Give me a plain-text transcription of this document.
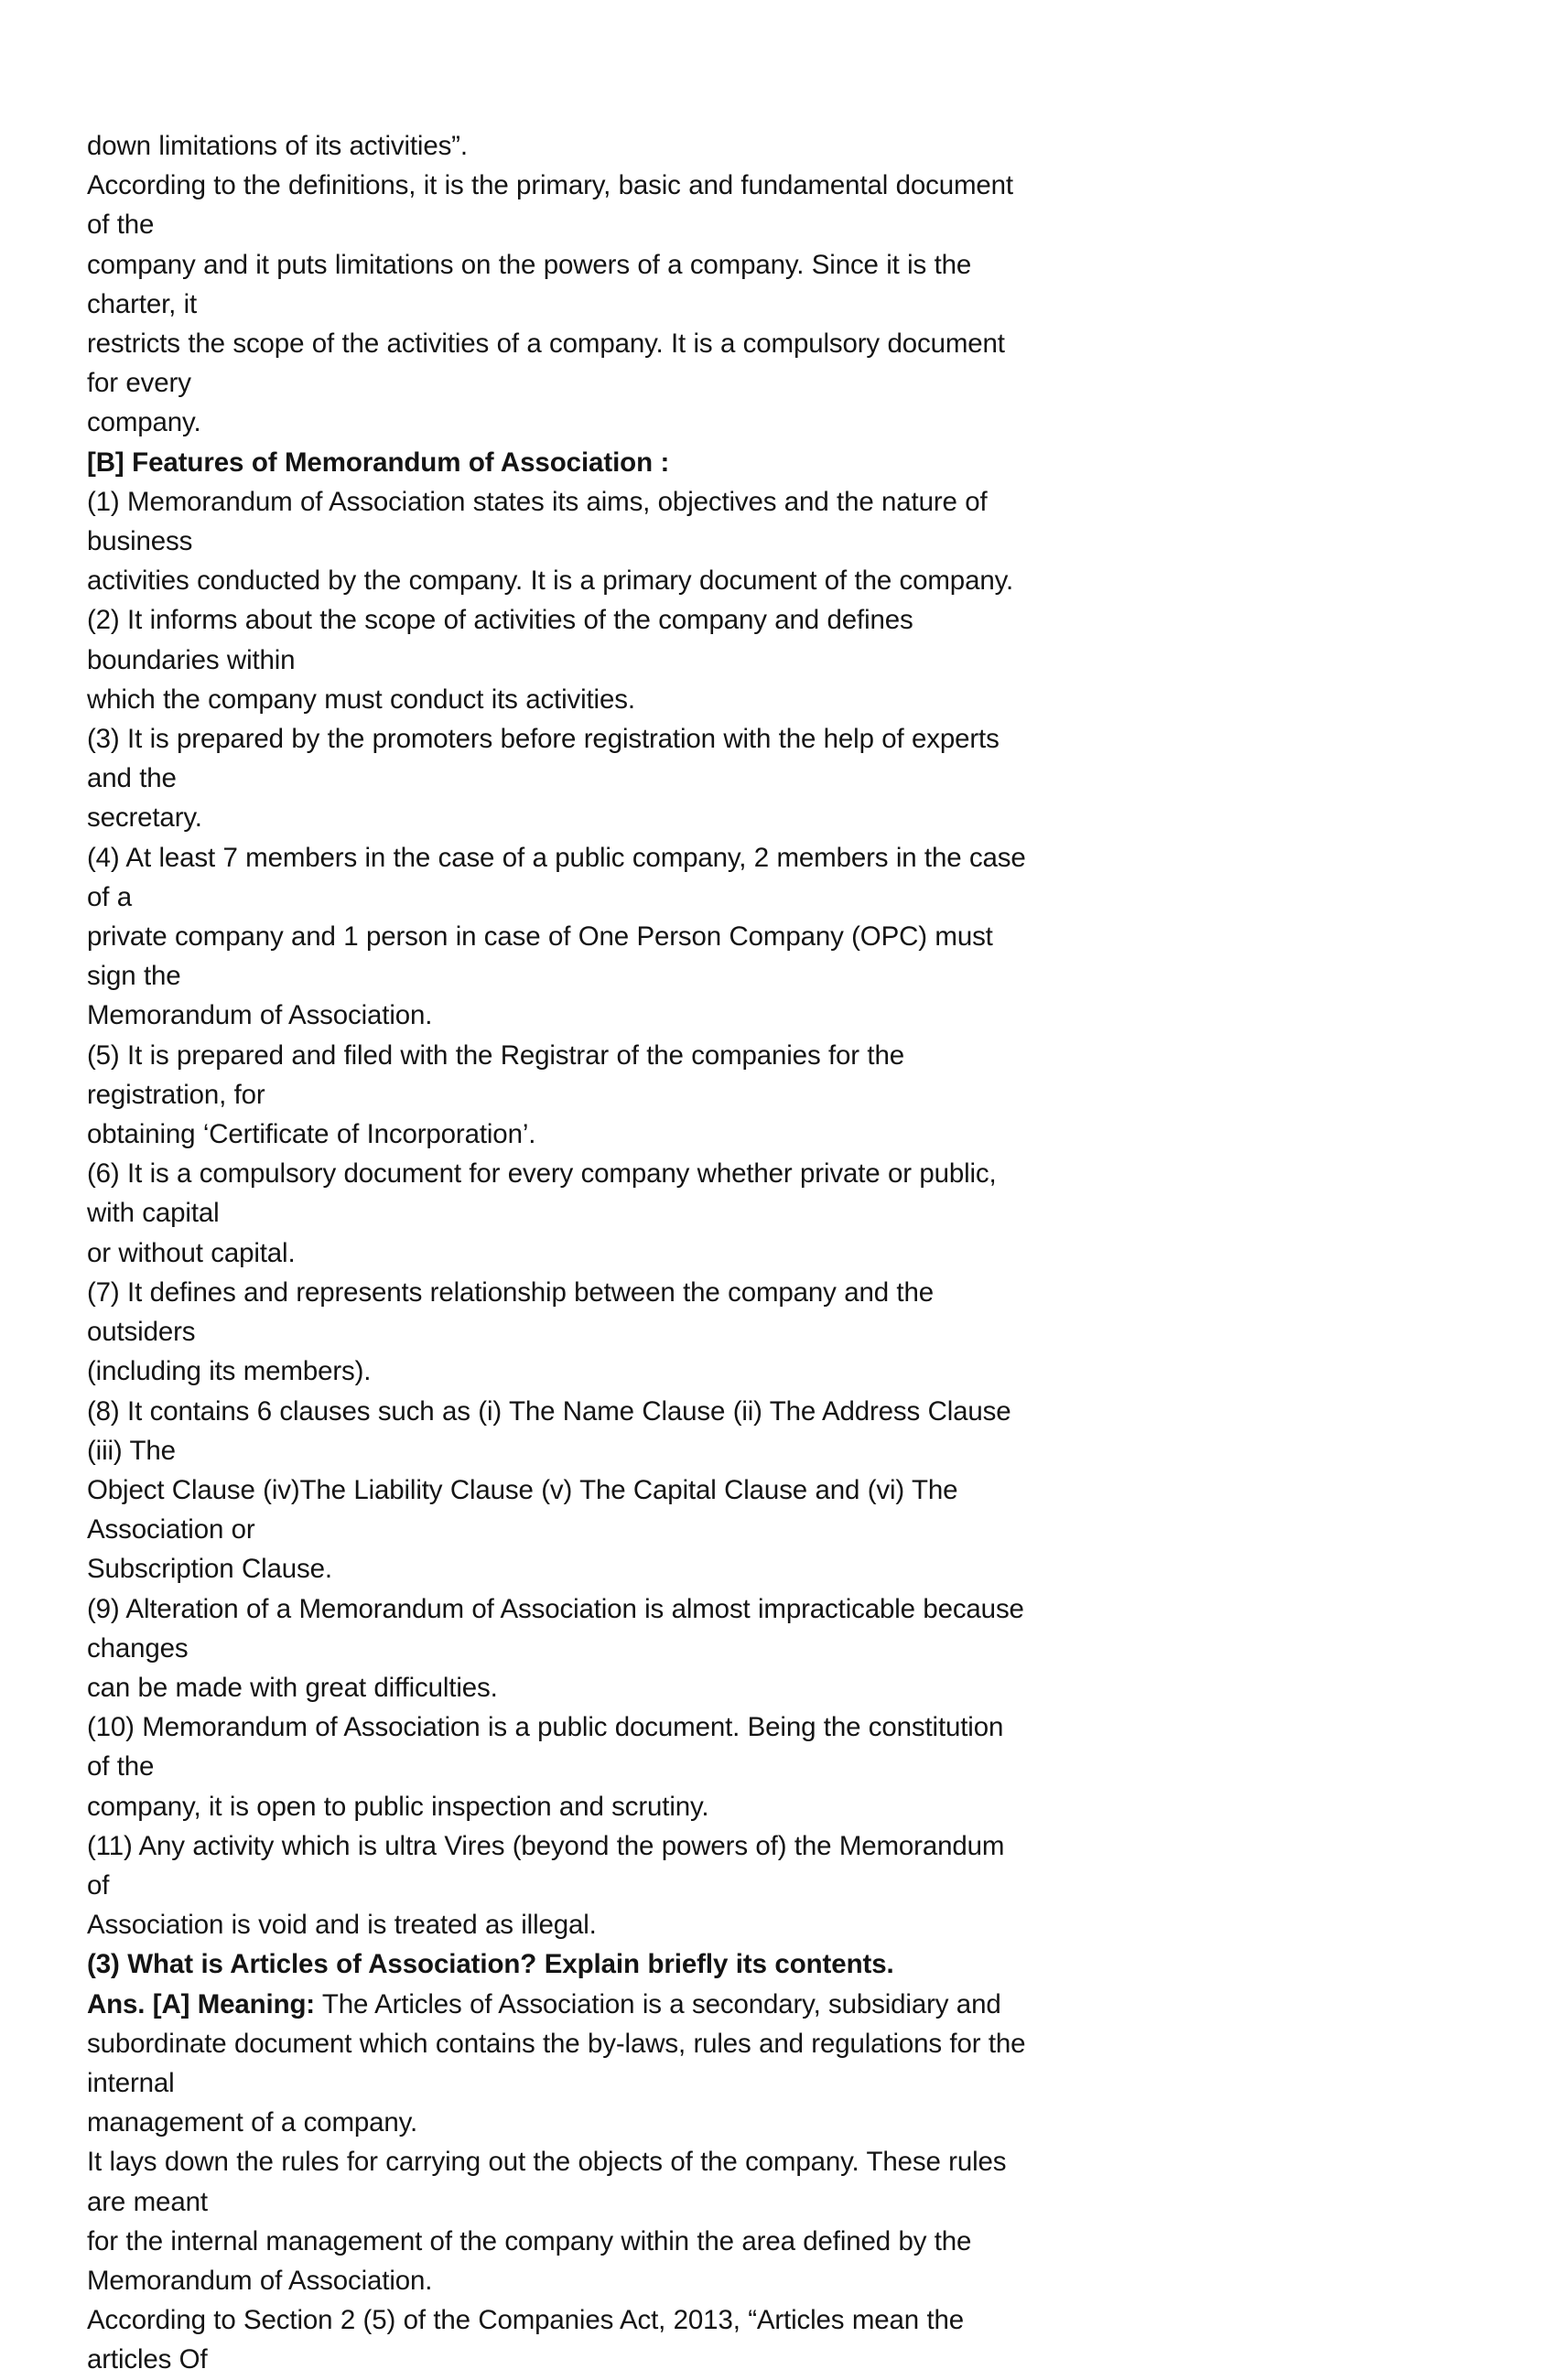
down limitations of its activities”.

According to the definitions, it is the primary, basic and fundamental document of the

company and it puts limitations on the powers of a company. Since it is the charter, it

restricts the scope of the activities of a company. It is a compulsory document for every

company.

[B] Features of Memorandum of Association :

(1) Memorandum of Association states its aims, objectives and the nature of business

activities conducted by the company. It is a primary document of the company.

(2) It informs about the scope of activities of the company and defines boundaries within

which the company must conduct its activities.

(3) It is prepared by the promoters before registration with the help of experts and the

secretary.

(4) At least 7 members in the case of a public company, 2 members in the case of a

private company and 1 person in case of One Person Company (OPC) must sign the

Memorandum of Association.

(5) It is prepared and filed with the Registrar of the companies for the registration, for

obtaining ‘Certificate of Incorporation’.

(6) It is a compulsory document for every company whether private or public, with capital

or without capital.

(7) It defines and represents relationship between the company and the outsiders

(including its members).

(8) It contains 6 clauses such as (i) The Name Clause (ii) The Address Clause (iii) The

Object Clause (iv)The Liability Clause (v) The Capital Clause and (vi) The Association or

Subscription Clause.

(9) Alteration of a Memorandum of Association is almost impracticable because changes

can be made with great difficulties.

(10) Memorandum of Association is a public document. Being the constitution of the

company, it is open to public inspection and scrutiny.

(11) Any activity which is ultra Vires (beyond the powers of) the Memorandum of

Association is void and is treated as illegal.

(3) What is Articles of Association? Explain briefly its contents.

Ans. [A] Meaning: The Articles of Association is a secondary, subsidiary and

subordinate document which contains the by-laws, rules and regulations for the internal

management of a company.

It lays down the rules for carrying out the objects of the company. These rules are meant

for the internal management of the company within the area defined by the

Memorandum of Association.

According to Section 2 (5) of the Companies Act, 2013, “Articles mean the articles Of
